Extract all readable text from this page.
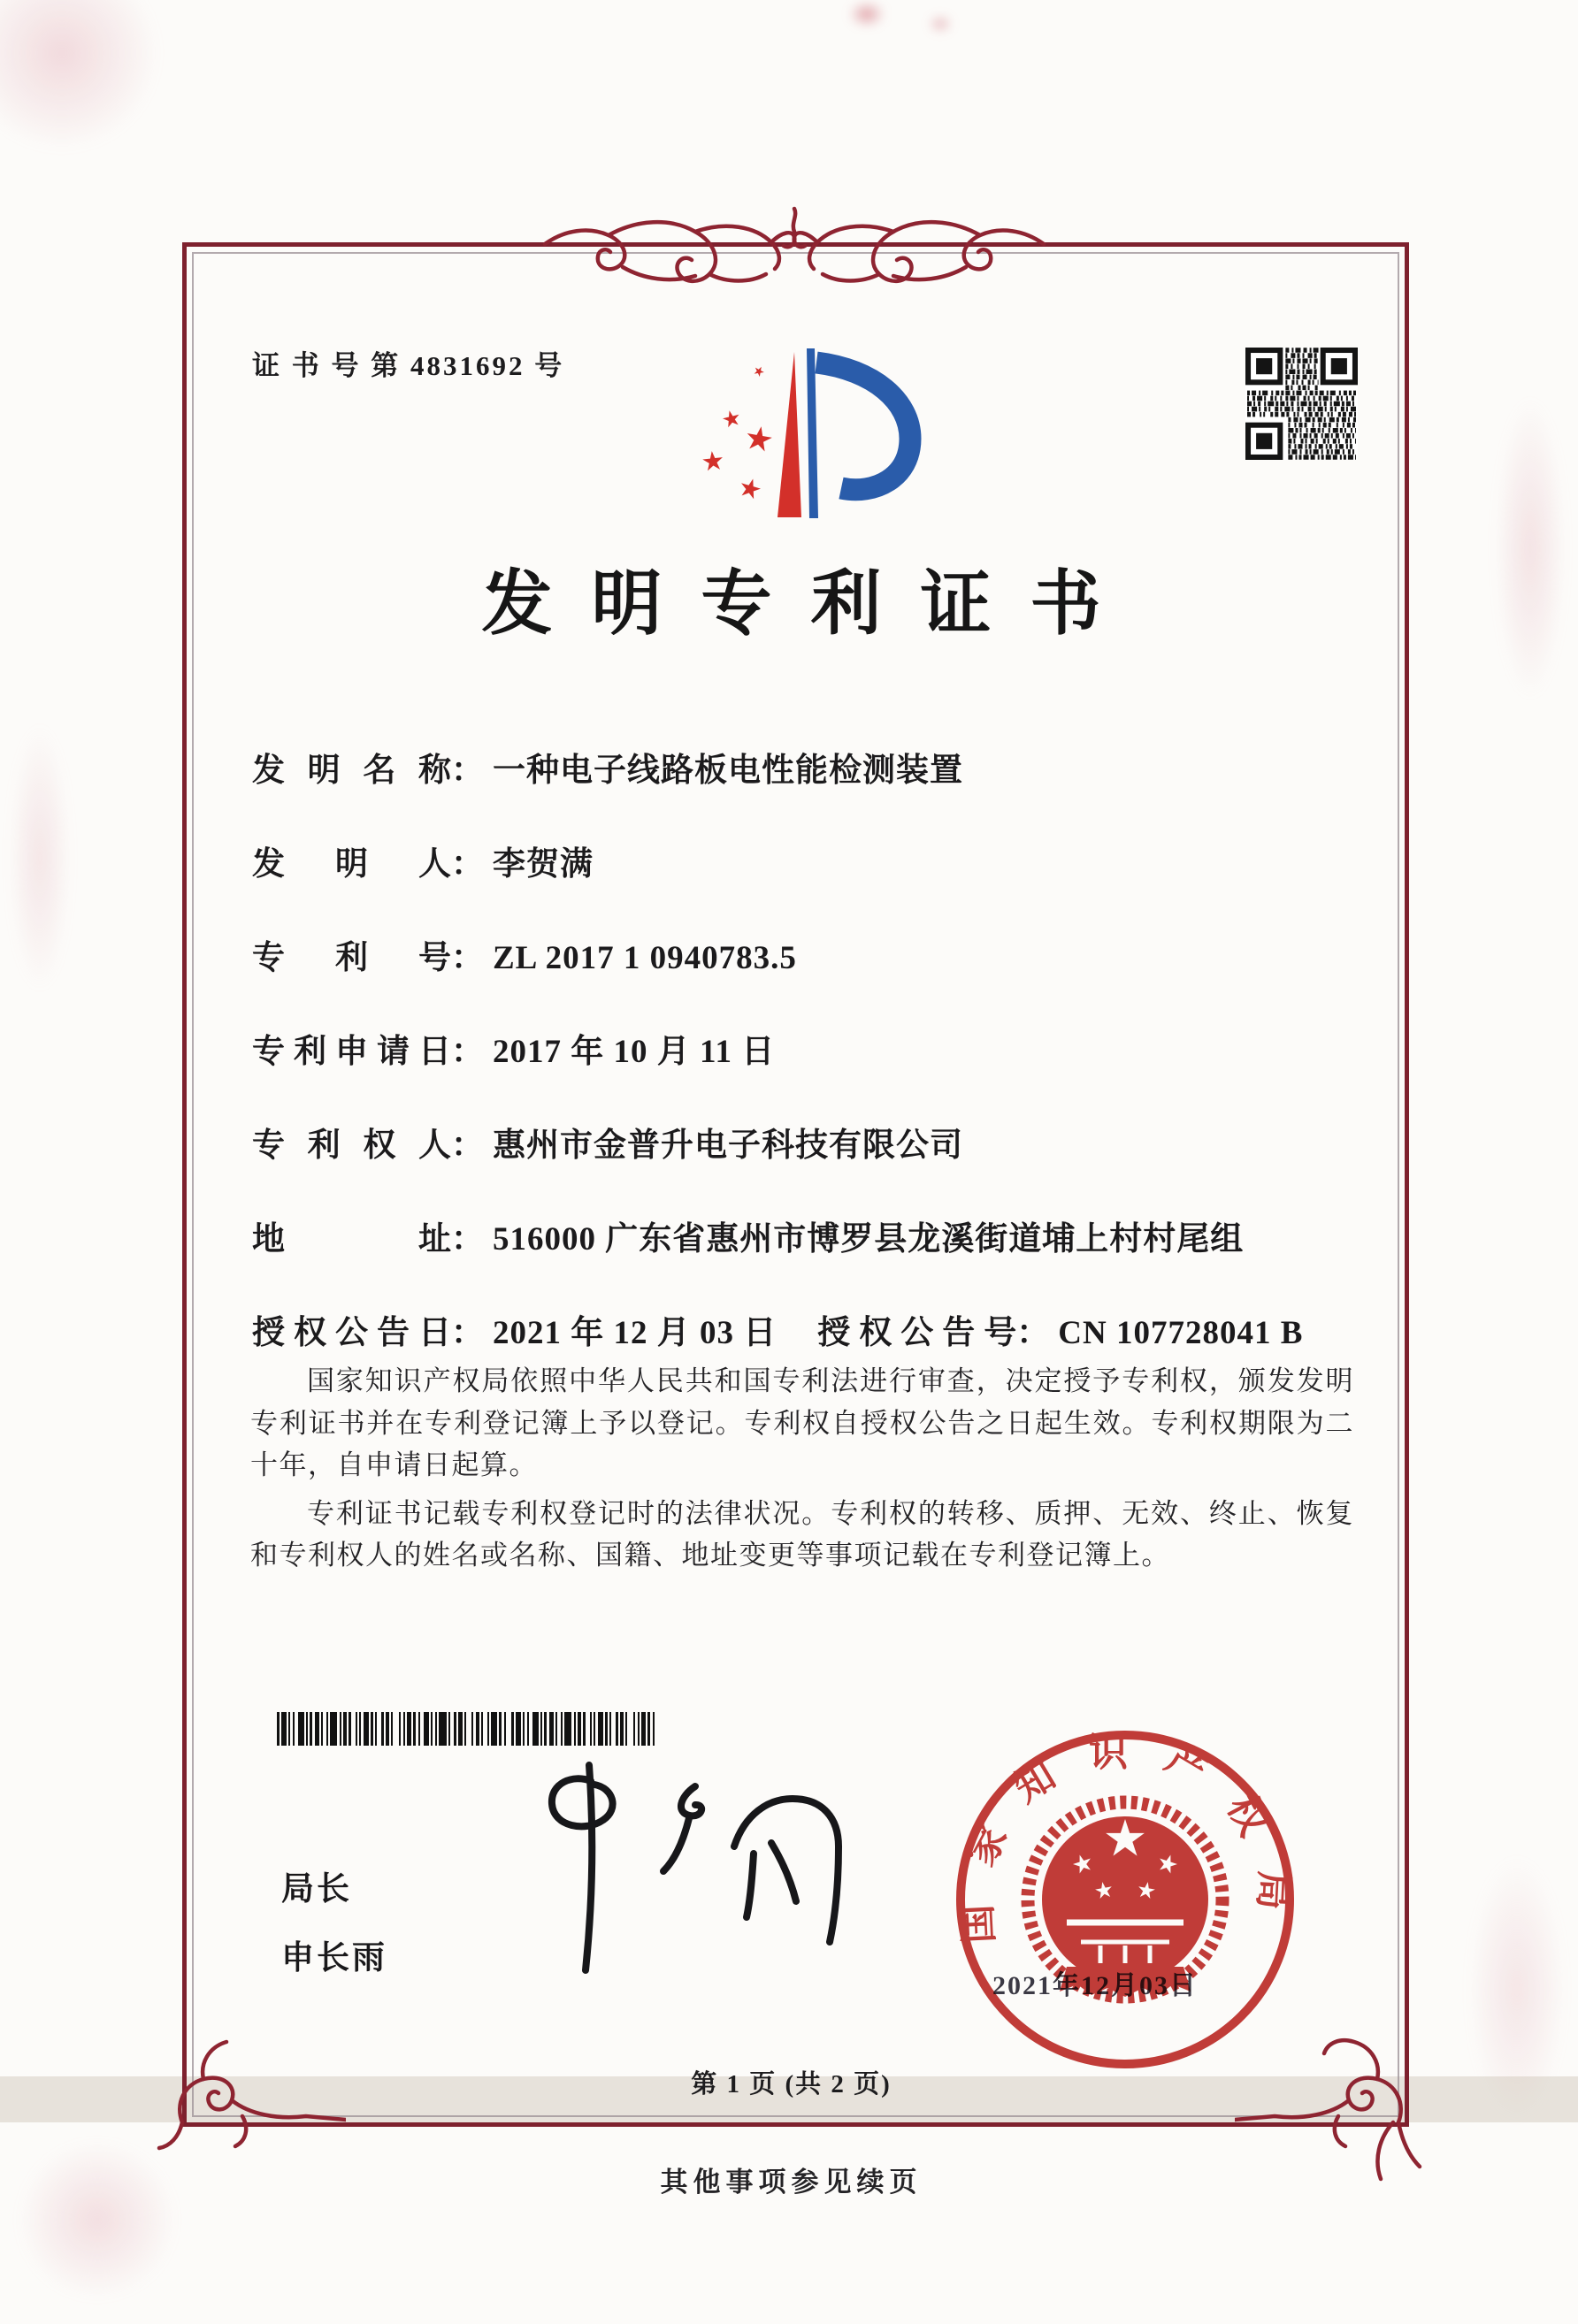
证 书 号 第 4831692 号
发明专利证书
发明名称： 一种电子线路板电性能检测装置
发明人： 李贺满
专利号： ZL 2017 1 0940783.5
专利申请日： 2017 年 10 月 11 日
专利权人： 惠州市金普升电子科技有限公司
地址： 516000 广东省惠州市博罗县龙溪街道埔上村村尾组
授权公告日： 2021 年 12 月 03 日 授权公告号： CN 107728041 B

国家知识产权局依照中华人民共和国专利法进行审查，决定授予专利权，颁发发明专利证书并在专利登记簿上予以登记。专利权自授权公告之日起生效。专利权期限为二十年，自申请日起算。

专利证书记载专利权登记时的法律状况。专利权的转移、质押、无效、终止、恢复和专利权人的姓名或名称、国籍、地址变更等事项记载在专利登记簿上。

局长
申长雨
2021年12月03日
国家知识产权局
第 1 页 (共 2 页)
其他事项参见续页
